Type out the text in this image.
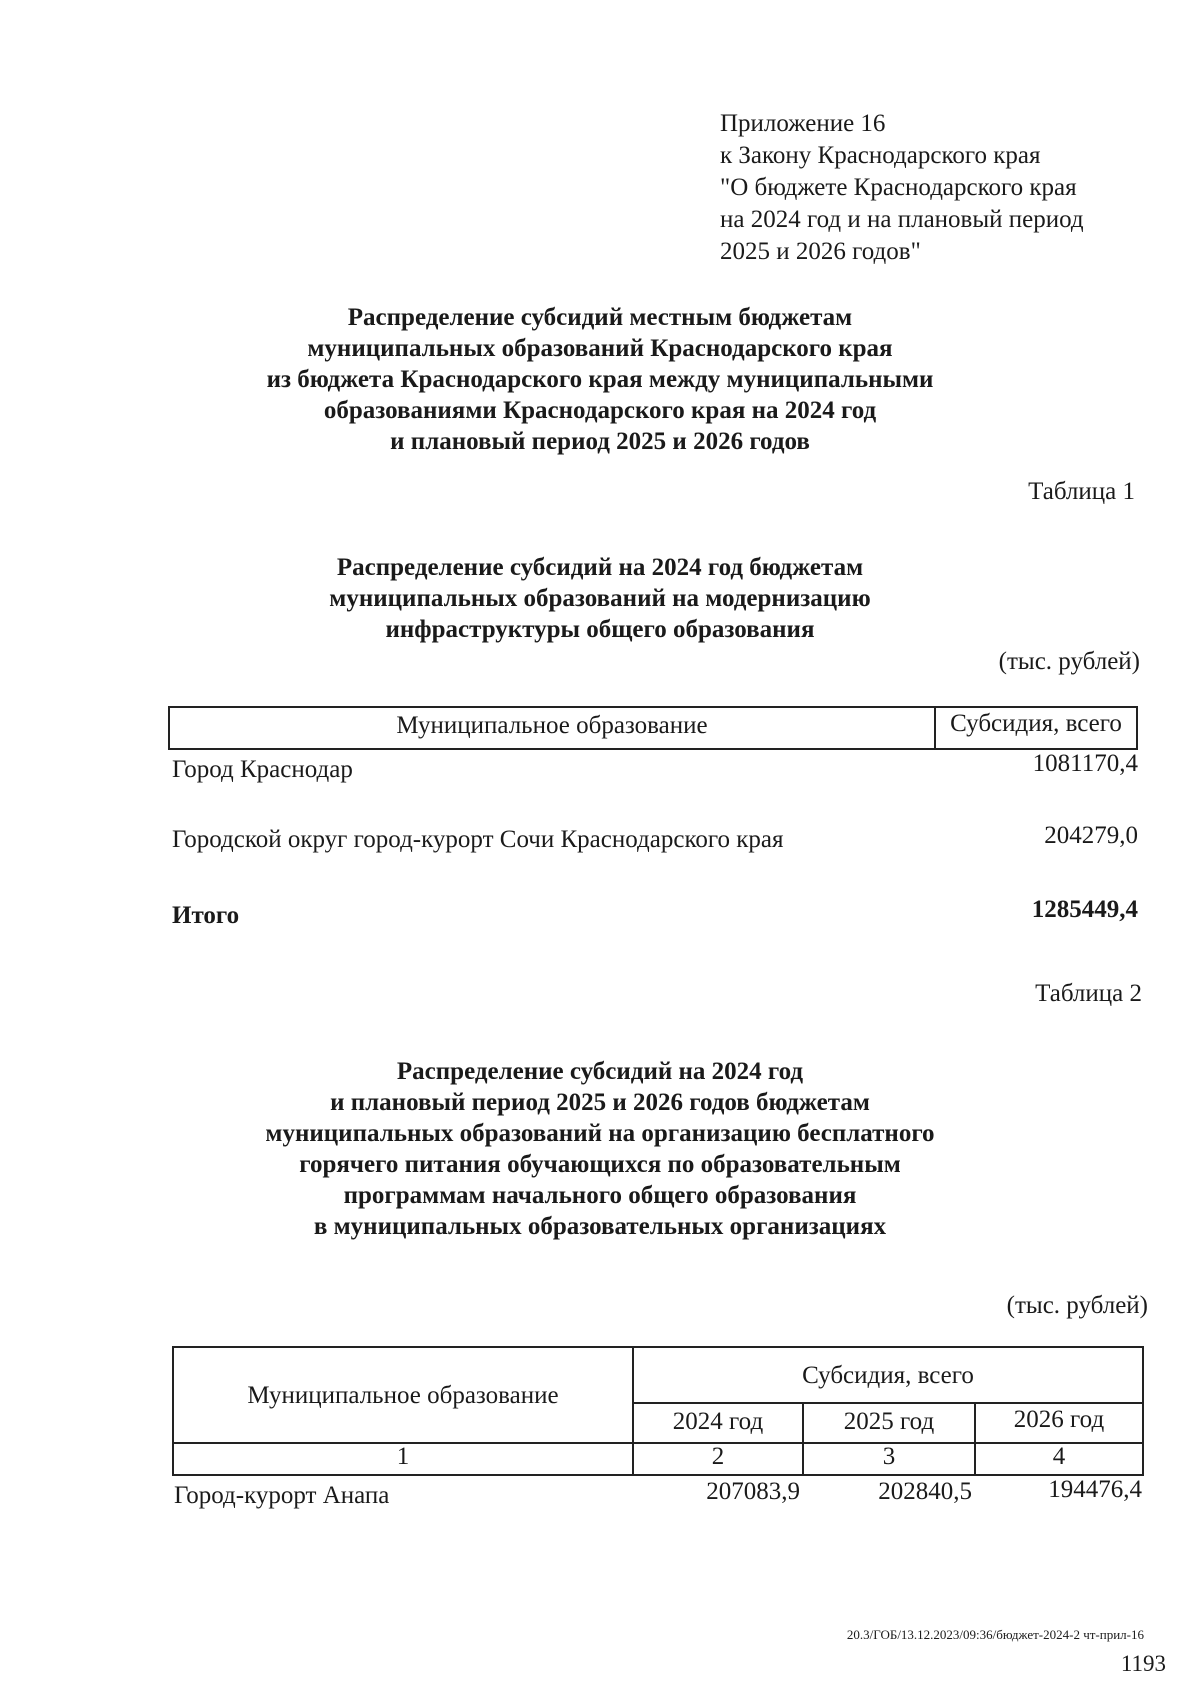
Приложение 16
к Закону Краснодарского края
"О бюджете Краснодарского края
на 2024 год и на плановый период
2025 и 2026 годов"
Распределение субсидий местным бюджетам
муниципальных образований Краснодарского края
из бюджета Краснодарского края между муниципальными
образованиями Краснодарского края на 2024 год
и плановый период 2025 и 2026 годов
Таблица 1
Распределение субсидий на 2024 год бюджетам
муниципальных образований на модернизацию
инфраструктуры общего образования
(тыс. рублей)
Муниципальное образование	Субсидия, всего
Город Краснодар	1081170,4
Городской округ город-курорт Сочи Краснодарского края	204279,0
Итого	1285449,4
Таблица 2
Распределение субсидий на 2024 год
и плановый период 2025 и 2026 годов бюджетам
муниципальных образований на организацию бесплатного
горячего питания обучающихся по образовательным
программам начального общего образования
в муниципальных образовательных организациях
(тыс. рублей)
Муниципальное образование
Субсидия, всего
2024 год	2025 год	2026 год
1	2	3	4
Город-курорт Анапа	207083,9	202840,5	194476,4
20.3/ГОБ/13.12.2023/09:36/бюджет-2024-2 чт-прил-16
1193
